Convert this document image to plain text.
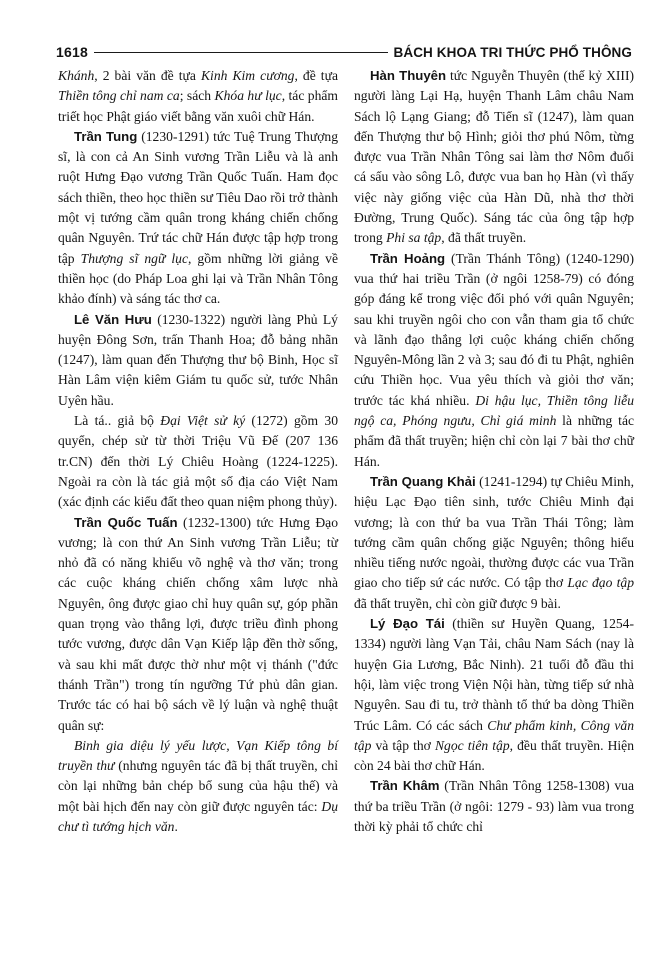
1618	BÁCH KHOA TRI THỨC PHỔ THÔNG

Khánh, 2 bài văn đề tựa Kinh Kim cương, đề tựa Thiền tông chỉ nam ca; sách Khóa hư lục, tác phẩm triết học Phật giáo viết bằng văn xuôi chữ Hán.

Trần Tung (1230-1291) tức Tuệ Trung Thượng sĩ, là con cả An Sinh vương Trần Liễu và là anh ruột Hưng Đạo vương Trần Quốc Tuấn. Ham đọc sách thiền, theo học thiền sư Tiêu Dao rồi trở thành một vị tướng cầm quân trong kháng chiến chống quân Nguyên. Trứ tác chữ Hán được tập hợp trong tập Thượng sĩ ngữ lục, gồm những lời giảng về thiền học (do Pháp Loa ghi lại và Trần Nhân Tông khảo đính) và sáng tác thơ ca.

Lê Văn Hưu (1230-1322) người làng Phủ Lý huyện Đông Sơn, trấn Thanh Hoa; đỗ bảng nhãn (1247), làm quan đến Thượng thư bộ Binh, Học sĩ Hàn Lâm viện kiêm Giám tu quốc sử, tước Nhân Uyên hầu.

Là tá.. giả bộ Đại Việt sử ký (1272) gồm 30 quyển, chép sử từ thời Triệu Vũ Đế (207 136 tr.CN) đến thời Lý Chiêu Hoàng (1224-1225). Ngoài ra còn là tác giả một số địa cáo Việt Nam (xác định các kiểu đất theo quan niệm phong thủy).

Trần Quốc Tuấn (1232-1300) tức Hưng Đạo vương; là con thứ An Sinh vương Trần Liễu; từ nhỏ đã có năng khiếu võ nghệ và thơ văn; trong các cuộc kháng chiến chống xâm lược nhà Nguyên, ông được giao chỉ huy quân sự, góp phần quan trọng vào thắng lợi, được triều đình phong tước vương, được dân Vạn Kiếp lập đền thờ sống, và sau khi mất được thờ như một vị thánh ("đức thánh Trần") trong tín ngưỡng Tứ phủ dân gian. Trước tác có hai bộ sách về lý luận và nghệ thuật quân sự:

Binh gia diệu lý yếu lược, Vạn Kiếp tông bí truyền thư (nhưng nguyên tác đã bị thất truyền, chỉ còn lại những bản chép bổ sung của hậu thế) và một bài hịch đến nay còn giữ được nguyên tác: Dụ chư tì tướng hịch văn.

Hàn Thuyên tức Nguyễn Thuyên (thế kỷ XIII) người làng Lại Hạ, huyện Thanh Lâm châu Nam Sách lộ Lạng Giang; đỗ Tiến sĩ (1247), làm quan đến Thượng thư bộ Hình; giỏi thơ phú Nôm, từng được vua Trần Nhân Tông sai làm thơ Nôm đuổi cá sấu vào sông Lô, được vua ban họ Hàn (vì thấy việc này giống việc của Hàn Dũ, nhà thơ thời Đường, Trung Quốc). Sáng tác của ông tập hợp trong Phi sa tập, đã thất truyền.

Trần Hoảng (Trần Thánh Tông) (1240-1290) vua thứ hai triều Trần (ở ngôi 1258-79) có đóng góp đáng kể trong việc đối phó với quân Nguyên; sau khi truyền ngôi cho con vẫn tham gia tổ chức và lãnh đạo thắng lợi cuộc kháng chiến chống Nguyên-Mông lần 2 và 3; sau đó đi tu Phật, nghiên cứu Thiền học. Vua yêu thích và giỏi thơ văn; trước tác khá nhiều. Di hậu lục, Thiền tông liễu ngộ ca, Phóng ngưu, Chỉ giá minh là những tác phẩm đã thất truyền; hiện chỉ còn lại 7 bài thơ chữ Hán.

Trần Quang Khải (1241-1294) tự Chiêu Minh, hiệu Lạc Đạo tiên sinh, tước Chiêu Minh đại vương; là con thứ ba vua Trần Thái Tông; làm tướng cầm quân chống giặc Nguyên; thông hiểu nhiều tiếng nước ngoài, thường được các vua Trần giao cho tiếp sứ các nước. Có tập thơ Lạc đạo tập đã thất truyền, chỉ còn giữ được 9 bài.

Lý Đạo Tái (thiền sư Huyền Quang, 1254-1334) người làng Vạn Tải, châu Nam Sách (nay là huyện Gia Lương, Bắc Ninh). 21 tuổi đỗ đầu thi hội, làm việc trong Viện Nội hàn, từng tiếp sứ nhà Nguyên. Sau đi tu, trở thành tổ thứ ba dòng Thiền Trúc Lâm. Có các sách Chư phẩm kinh, Công văn tập và tập thơ Ngọc tiên tập, đều thất truyền. Hiện còn 24 bài thơ chữ Hán.

Trần Khâm (Trần Nhân Tông 1258-1308) vua thứ ba triều Trần (ở ngôi: 1279 - 93) làm vua trong thời kỳ phải tổ chức chỉ
